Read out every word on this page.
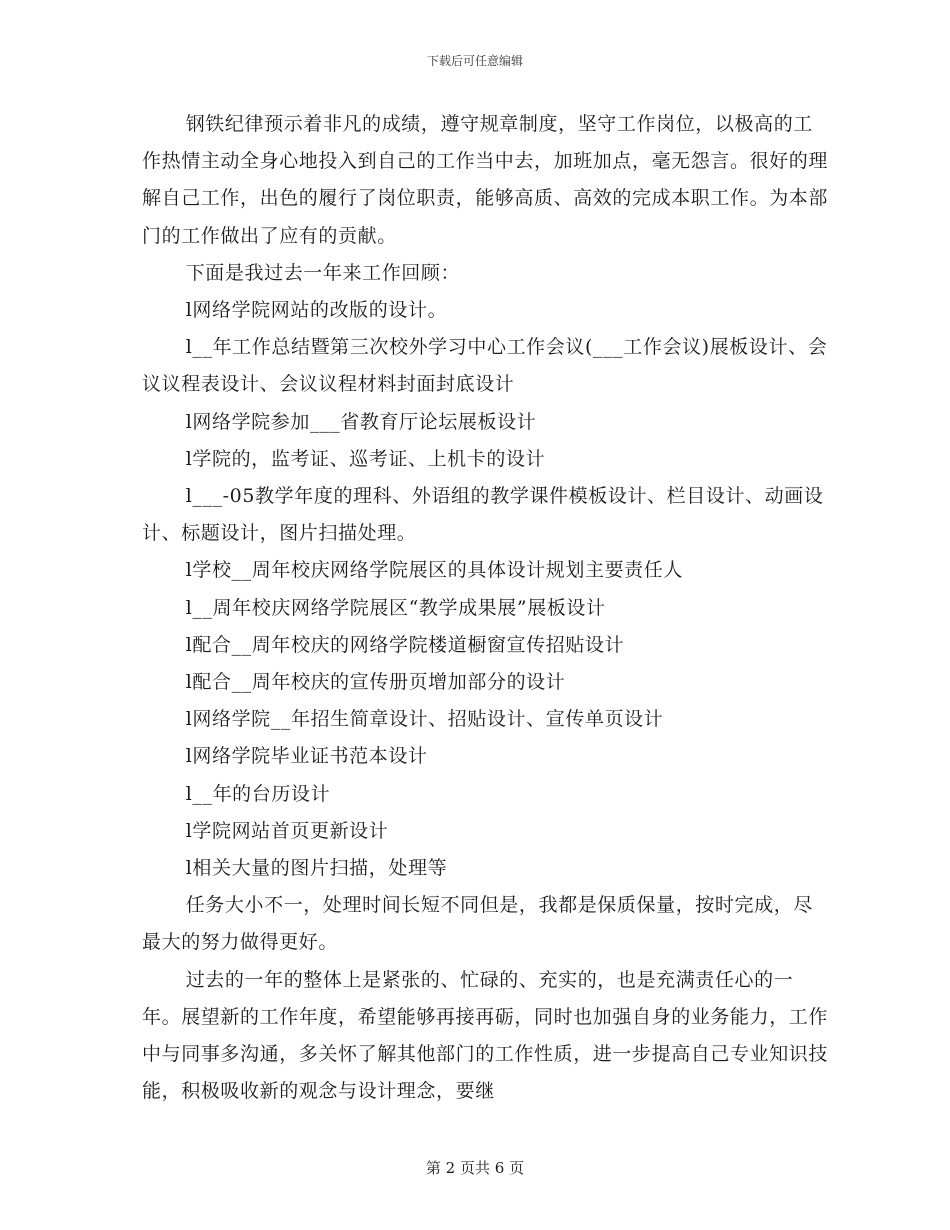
下载后可任意编辑

钢铁纪律预示着非凡的成绩，遵守规章制度，坚守工作岗位，以极高的工作热情主动全身心地投入到自己的工作当中去，加班加点，毫无怨言。很好的理解自己工作，出色的履行了岗位职责，能够高质、高效的完成本职工作。为本部门的工作做出了应有的贡献。

下面是我过去一年来工作回顾：

l网络学院网站的改版的设计。

l__年工作总结暨第三次校外学习中心工作会议(___工作会议)展板设计、会议议程表设计、会议议程材料封面封底设计

l网络学院参加___省教育厅论坛展板设计

l学院的，监考证、巡考证、上机卡的设计

l___-05教学年度的理科、外语组的教学课件模板设计、栏目设计、动画设计、标题设计，图片扫描处理。

l学校__周年校庆网络学院展区的具体设计规划主要责任人

l__周年校庆网络学院展区“教学成果展”展板设计

l配合__周年校庆的网络学院楼道橱窗宣传招贴设计

l配合__周年校庆的宣传册页增加部分的设计

l网络学院__年招生简章设计、招贴设计、宣传单页设计

l网络学院毕业证书范本设计

l__年的台历设计

l学院网站首页更新设计

l相关大量的图片扫描，处理等

任务大小不一，处理时间长短不同但是，我都是保质保量，按时完成，尽最大的努力做得更好。

过去的一年的整体上是紧张的、忙碌的、充实的，也是充满责任心的一年。展望新的工作年度，希望能够再接再砺，同时也加强自身的业务能力，工作中与同事多沟通，多关怀了解其他部门的工作性质，进一步提高自己专业知识技能，积极吸收新的观念与设计理念，要继

第 2 页共 6 页
